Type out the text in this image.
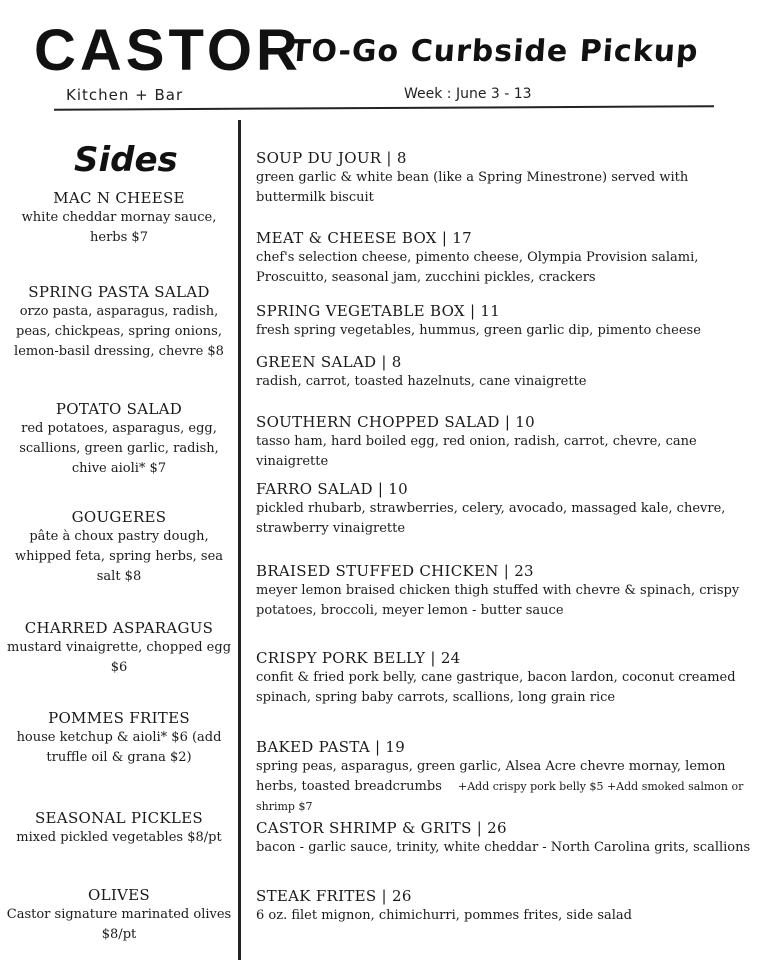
CASTOR
Kitchen + Bar
TO-Go Curbside Pickup
Week : June 3 - 13
Sides
MAC N CHEESE
white cheddar mornay sauce, herbs $7
SPRING PASTA SALAD
orzo pasta, asparagus, radish, peas, chickpeas, spring onions, lemon-basil dressing, chevre $8
POTATO SALAD
red potatoes, asparagus, egg, scallions, green garlic, radish, chive aioli* $7
GOUGERES
pâte à choux pastry dough, whipped feta, spring herbs, sea salt $8
CHARRED ASPARAGUS
mustard vinaigrette, chopped egg $6
POMMES FRITES
house ketchup & aioli* $6 (add truffle oil & grana $2)
SEASONAL PICKLES
mixed pickled vegetables $8/pt
OLIVES
Castor signature marinated olives $8/pt
SOUP DU JOUR | 8
green garlic & white bean (like a Spring Minestrone) served with buttermilk biscuit
MEAT & CHEESE BOX | 17
chef's selection cheese, pimento cheese, Olympia Provision salami, Proscuitto, seasonal jam, zucchini pickles, crackers
SPRING VEGETABLE BOX | 11
fresh spring vegetables, hummus, green garlic dip, pimento cheese
GREEN SALAD | 8
radish, carrot, toasted hazelnuts, cane vinaigrette
SOUTHERN CHOPPED SALAD | 10
tasso ham, hard boiled egg, red onion, radish, carrot, chevre, cane vinaigrette
FARRO SALAD | 10
pickled rhubarb, strawberries, celery, avocado, massaged kale, chevre, strawberry vinaigrette
BRAISED STUFFED CHICKEN | 23
meyer lemon braised chicken thigh stuffed with chevre & spinach, crispy potatoes, broccoli, meyer lemon - butter sauce
CRISPY PORK BELLY | 24
confit & fried pork belly, cane gastrique, bacon lardon, coconut creamed spinach, spring baby carrots, scallions, long grain rice
BAKED PASTA | 19
spring peas, asparagus, green garlic, Alsea Acre chevre mornay, lemon herbs, toasted breadcrumbs +Add crispy pork belly $5 +Add smoked salmon or shrimp $7
CASTOR SHRIMP & GRITS | 26
bacon - garlic sauce, trinity, white cheddar - North Carolina grits, scallions
STEAK FRITES | 26
6 oz. filet mignon, chimichurri, pommes frites, side salad
